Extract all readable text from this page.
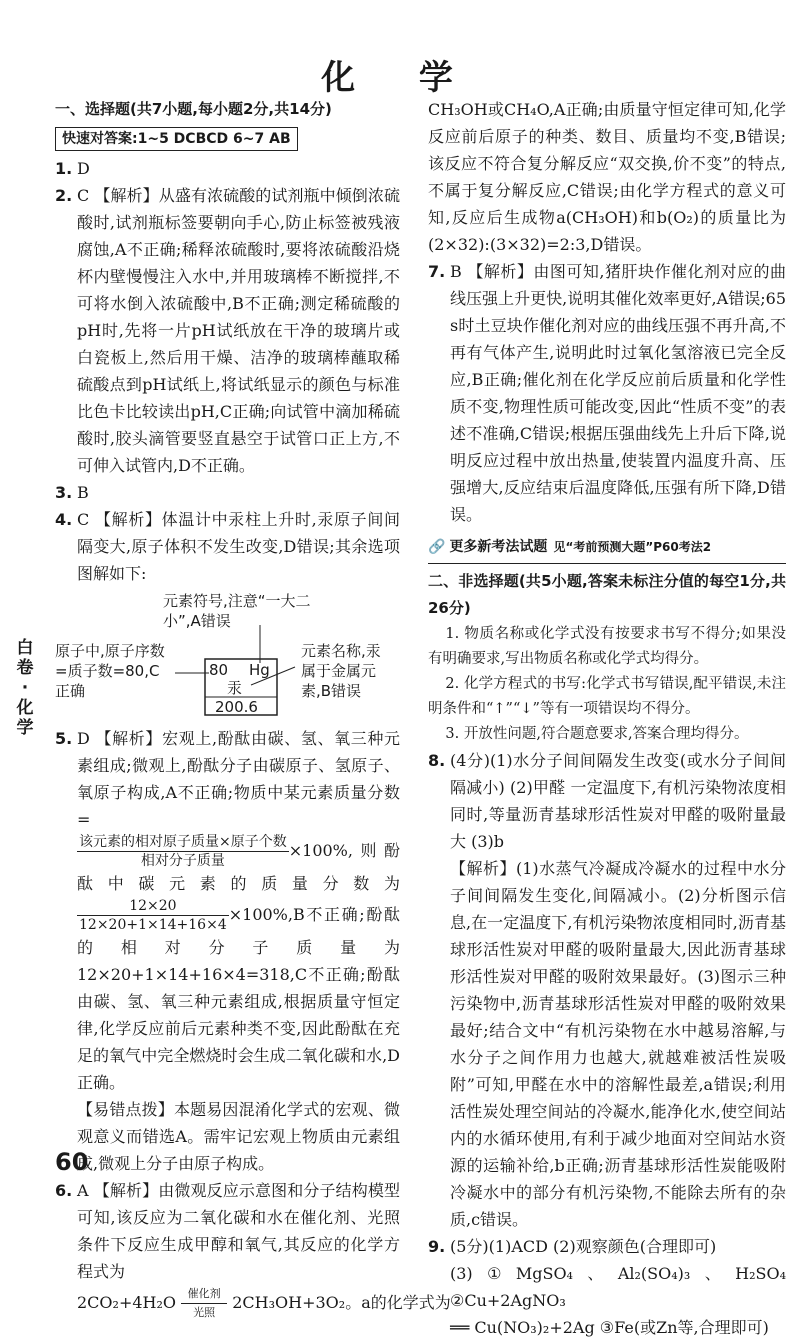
化 学
白
卷
·
化
学

一、选择题(共7小题,每小题2分,共14分)

快速对答案:1~5 DCBCD 6~7 AB
1. D

2. C 【解析】从盛有浓硫酸的试剂瓶中倾倒浓硫酸时,试剂瓶标签要朝向手心,防止标签被残液腐蚀,A不正确;稀释浓硫酸时,要将浓硫酸沿烧杯内壁慢慢注入水中,并用玻璃棒不断搅拌,不可将水倒入浓硫酸中,B不正确;测定稀硫酸的pH时,先将一片pH试纸放在干净的玻璃片或白瓷板上,然后用干燥、洁净的玻璃棒蘸取稀硫酸点到pH试纸上,将试纸显示的颜色与标准比色卡比较读出pH,C正确;向试管中滴加稀硫酸时,胶头滴管要竖直悬空于试管口正上方,不可伸入试管内,D不正确。

3. B

4. C 【解析】体温计中汞柱上升时,汞原子间间隔变大,原子体积不发生改变,D错误;其余选项图解如下:

元素符号,注意“一大二小”,A错误
原子中,原子序数=质子数=80,C正确
元素名称,汞属于金属元素,B错误
80 Hg
汞
200.6
5. D 【解析】宏观上,酚酞由碳、氢、氧三种元素组成;微观上,酚酞分子由碳原子、氢原子、氧原子构成,A不正确;物质中某元素质量分数=

$\frac{\text{该元素的相对原子质量×原子个数}}{\text{相对分子质量}} \times 100\%$,则酚酞中碳元素的质量分数为
$\frac{12\times 20}{12\times 20+1\times 14+16\times 4} \times 100\%,B$不正确;酚酞的相对分子质量为12×20+1×14+16×4=318,C不正确;酚酞由碳、氢、氧三种元素组成,根据质量守恒定律,化学反应前后元素种类不变,因此酚酞在充足的氧气中完全燃烧时会生成二氧化碳和水,D正确。

【易错点拨】本题易因混淆化学式的宏观、微观意义而错选A。需牢记宏观上物质由元素组成,微观上分子由原子构成。

6. A 【解析】由微观反应示意图和分子结构模型可知,该反应为二氧化碳和水在催化剂、光照条件下反应生成甲醇和氧气,其反应的化学方程式为
$2CO_2+4H_2O \frac{\text{催化剂}}{\text{光照}} 2CH_3OH+3O_2$。a的化学式为

CH₃OH或CH₄O,A正确;由质量守恒定律可知,化学反应前后原子的种类、数目、质量均不变,B错误;该反应不符合复分解反应“双交换,价不变”的特点,不属于复分解反应,C错误;由化学方程式的意义可知,反应后生成物a(CH₃OH)和b(O₂)的质量比为(2×32):(3×32)=2:3,D错误。

7. B 【解析】由图可知,猪肝块作催化剂对应的曲线压强上升更快,说明其催化效率更好,A错误;65 s时土豆块作催化剂对应的曲线压强不再升高,不再有气体产生,说明此时过氧化氢溶液已完全反应,B正确;催化剂在化学反应前后质量和化学性质不变,物理性质可能改变,因此“性质不变”的表述不准确,C错误;根据压强曲线先上升后下降,说明反应过程中放出热量,使装置内温度升高、压强增大,反应结束后温度降低,压强有所下降,D错误。

🔗 更多新考法试题 见“考前预测大题”P60考法2

二、非选择题(共5小题,答案未标注分值的每空1分,共26分)

1. 物质名称或化学式没有按要求书写不得分;如果没有明确要求,写出物质名称或化学式均得分。

2. 化学方程式的书写:化学式书写错误,配平错误,未注明条件和“↑”“↓”等有一项错误均不得分。

3. 开放性问题,符合题意要求,答案合理均得分。

8. (4分)(1)水分子间间隔发生改变(或水分子间间隔减小) (2)甲醛 一定温度下,有机污染物浓度相同时,等量沥青基球形活性炭对甲醛的吸附量最大 (3)b

【解析】(1)水蒸气冷凝成冷凝水的过程中水分子间间隔发生变化,间隔减小。(2)分析图示信息,在一定温度下,有机污染物浓度相同时,沥青基球形活性炭对甲醛的吸附量最大,因此沥青基球形活性炭对甲醛的吸附效果最好。(3)图示三种污染物中,沥青基球形活性炭对甲醛的吸附效果最好;结合文中“有机污染物在水中越易溶解,与水分子之间作用力也越大,就越难被活性炭吸附”可知,甲醛在水中的溶解性最差,a错误;利用活性炭处理空间站的冷凝水,能净化水,使空间站内的水循环使用,有利于减少地面对空间站水资源的运输补给,b正确;沥青基球形活性炭能吸附冷凝水中的部分有机污染物,不能除去所有的杂质,c错误。

9. (5分)(1)ACD (2)观察颜色(合理即可)

(3)①MgSO₄、Al₂(SO₄)₃、H₂SO₄ ②Cu+2AgNO₃

══ Cu(NO₃)₂+2Ag ③Fe(或Zn等,合理即可)

60
